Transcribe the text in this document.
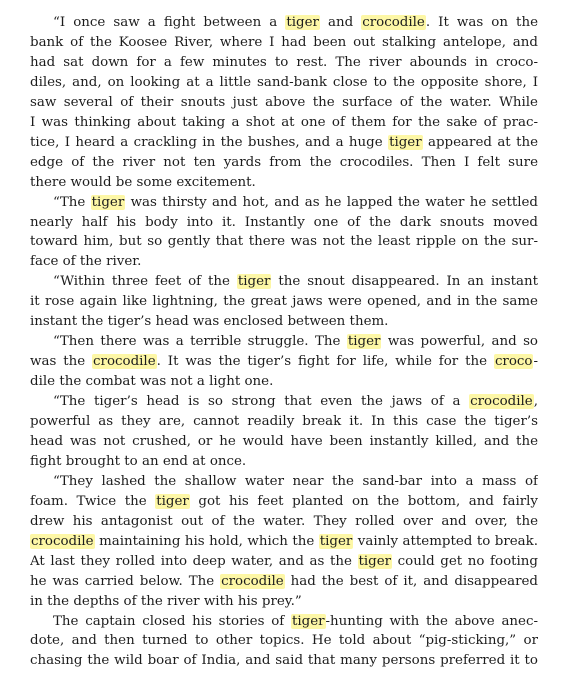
“I once saw a fight between a tiger and crocodile. It was on the
bank of the Koosee River, where I had been out stalking antelope, and
had sat down for a few minutes to rest. The river abounds in croco-
diles, and, on looking at a little sand-bank close to the opposite shore, I
saw several of their snouts just above the surface of the water. While
I was thinking about taking a shot at one of them for the sake of prac-
tice, I heard a crackling in the bushes, and a huge tiger appeared at the
edge of the river not ten yards from the crocodiles. Then I felt sure
there would be some excitement.
“The tiger was thirsty and hot, and as he lapped the water he settled
nearly half his body into it. Instantly one of the dark snouts moved
toward him, but so gently that there was not the least ripple on the sur-
face of the river.
“Within three feet of the tiger the snout disappeared. In an instant
it rose again like lightning, the great jaws were opened, and in the same
instant the tiger’s head was enclosed between them.
“Then there was a terrible struggle. The tiger was powerful, and so
was the crocodile. It was the tiger’s fight for life, while for the croco-
dile the combat was not a light one.
“The tiger’s head is so strong that even the jaws of a crocodile,
powerful as they are, cannot readily break it. In this case the tiger’s
head was not crushed, or he would have been instantly killed, and the
fight brought to an end at once.
“They lashed the shallow water near the sand-bar into a mass of
foam. Twice the tiger got his feet planted on the bottom, and fairly
drew his antagonist out of the water. They rolled over and over, the
crocodile maintaining his hold, which the tiger vainly attempted to break.
At last they rolled into deep water, and as the tiger could get no footing
he was carried below. The crocodile had the best of it, and disappeared
in the depths of the river with his prey.”
The captain closed his stories of tiger-hunting with the above anec-
dote, and then turned to other topics. He told about “pig-sticking,” or
chasing the wild boar of India, and said that many persons preferred it to
